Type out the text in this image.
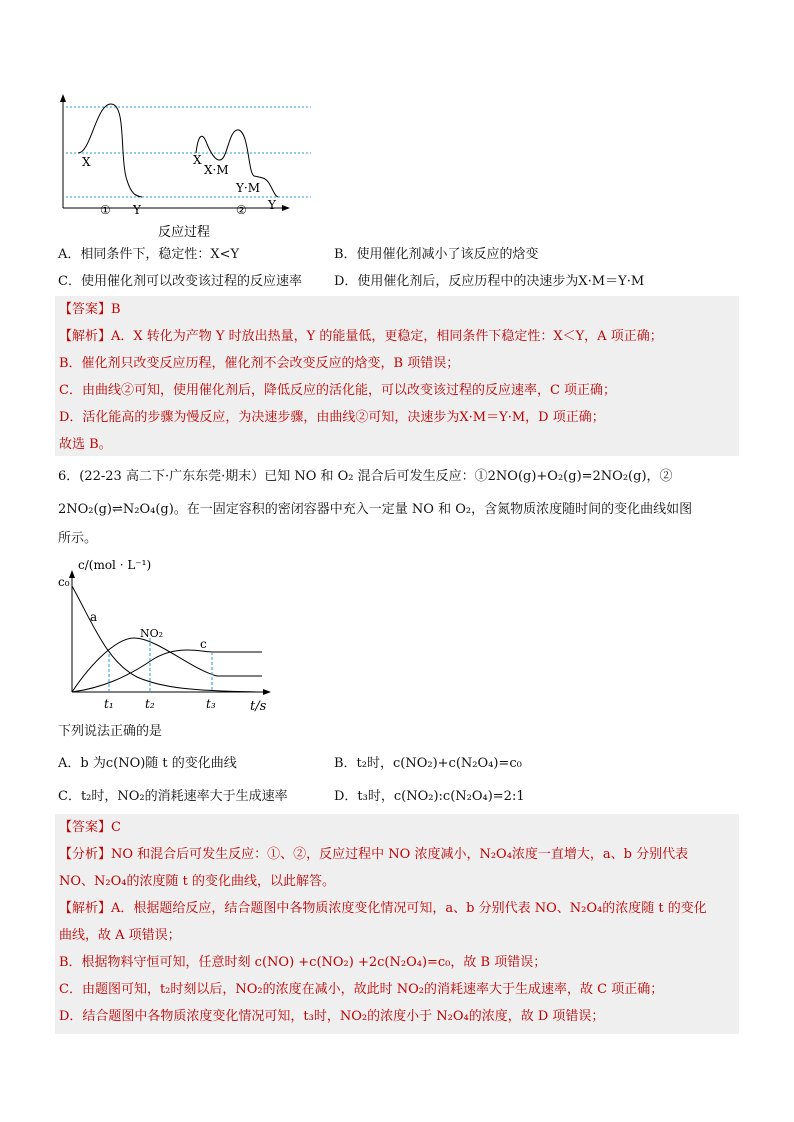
X
① Y
X
X·M
Y·M
② Y
反应过程
A．相同条件下，稳定性：X<Y	B．使用催化剂减小了该反应的焓变
C．使用催化剂可以改变该过程的反应速率 D．使用催化剂后，反应历程中的决速步为X·M＝Y·M
【答案】B
【解析】A．X 转化为产物 Y 时放出热量，Y 的能量低，更稳定，相同条件下稳定性：X＜Y，A 项正确；
B．催化剂只改变反应历程，催化剂不会改变反应的焓变，B 项错误；
C．由曲线②可知，使用催化剂后，降低反应的活化能，可以改变该过程的反应速率，C 项正确；
D．活化能高的步骤为慢反应，为决速步骤，由曲线②可知，决速步为X·M＝Y·M，D 项正确；
故选 B。
6．(22-23 高二下·广东东莞·期末）已知 NO 和 O₂ 混合后可发生反应：①2NO(g)+O₂(g)=2NO₂(g)，②
2NO₂(g)⇌N₂O₄(g)。在一固定容积的密闭容器中充入一定量 NO 和 O₂，含氮物质浓度随时间的变化曲线如图
所示。
c/(mol · L⁻¹)
c₀
a
NO₂
c
t₁	t₂	t₃	t/s
下列说法正确的是
A．b 为c(NO)随 t 的变化曲线	B．t₂时，c(NO₂)+c(N₂O₄)=c₀
C．t₂时，NO₂的消耗速率大于生成速率	D．t₃时，c(NO₂):c(N₂O₄)=2:1
【答案】C
【分析】NO 和混合后可发生反应：①、②，反应过程中 NO 浓度减小，N₂O₄浓度一直增大，a、b 分别代表
NO、N₂O₄的浓度随 t 的变化曲线，以此解答。
【解析】A．根据题给反应，结合题图中各物质浓度变化情况可知，a、b 分别代表 NO、N₂O₄的浓度随 t 的变化
曲线，故 A 项错误；
B．根据物料守恒可知，任意时刻 c(NO) +c(NO₂) +2c(N₂O₄)=c₀，故 B 项错误；
C．由题图可知，t₂时刻以后，NO₂的浓度在减小，故此时 NO₂的消耗速率大于生成速率，故 C 项正确；
D．结合题图中各物质浓度变化情况可知，t₃时，NO₂的浓度小于 N₂O₄的浓度，故 D 项错误；
